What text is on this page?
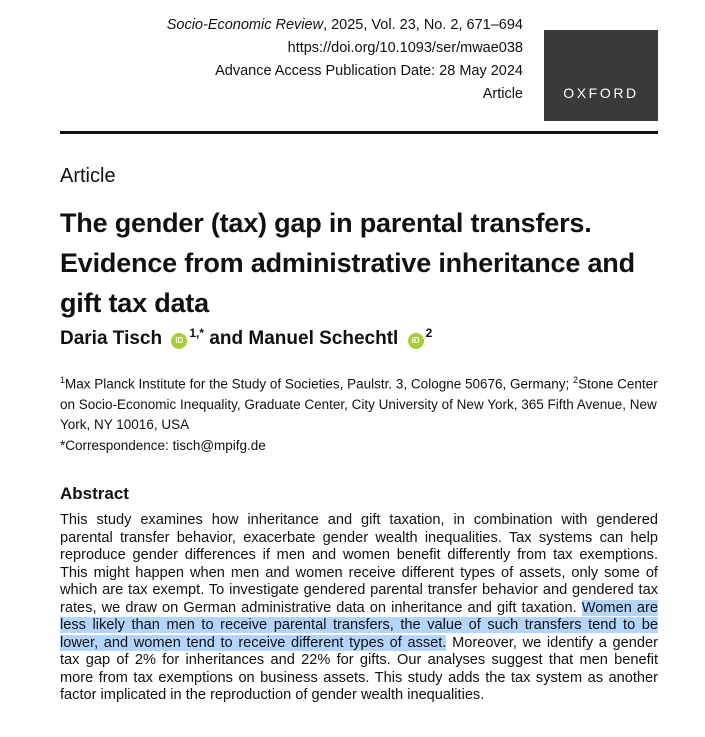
Socio-Economic Review, 2025, Vol. 23, No. 2, 671–694
https://doi.org/10.1093/ser/mwae038
Advance Access Publication Date: 28 May 2024
Article	OXFORD
Article
The gender (tax) gap in parental transfers. Evidence from administrative inheritance and gift tax data
Daria Tisch $iD^{1,*}$ and Manuel Schechtl $iD^2$
$^1$Max Planck Institute for the Study of Societies, Paulstr. 3, Cologne 50676, Germany; $^2$Stone Center on Socio-Economic Inequality, Graduate Center, City University of New York, 365 Fifth Avenue, New York, NY 10016, USA
*Correspondence: tisch@mpifg.de
Abstract

This study examines how inheritance and gift taxation, in combination with gendered parental transfer behavior, exacerbate gender wealth inequalities. Tax systems can help reproduce gender differences if men and women benefit differently from tax exemptions. This might happen when men and women receive different types of assets, only some of which are tax exempt. To investigate gendered parental transfer behavior and gendered tax rates, we draw on German administrative data on inheritance and gift taxation. Women are less likely than men to receive parental transfers, the value of such transfers tend to be lower, and women tend to receive different types of asset. Moreover, we identify a gender tax gap of 2% for inheritances and 22% for gifts. Our analyses suggest that men benefit more from tax exemptions on business assets. This study adds the tax system as another factor implicated in the reproduction of gender wealth inequalities.
